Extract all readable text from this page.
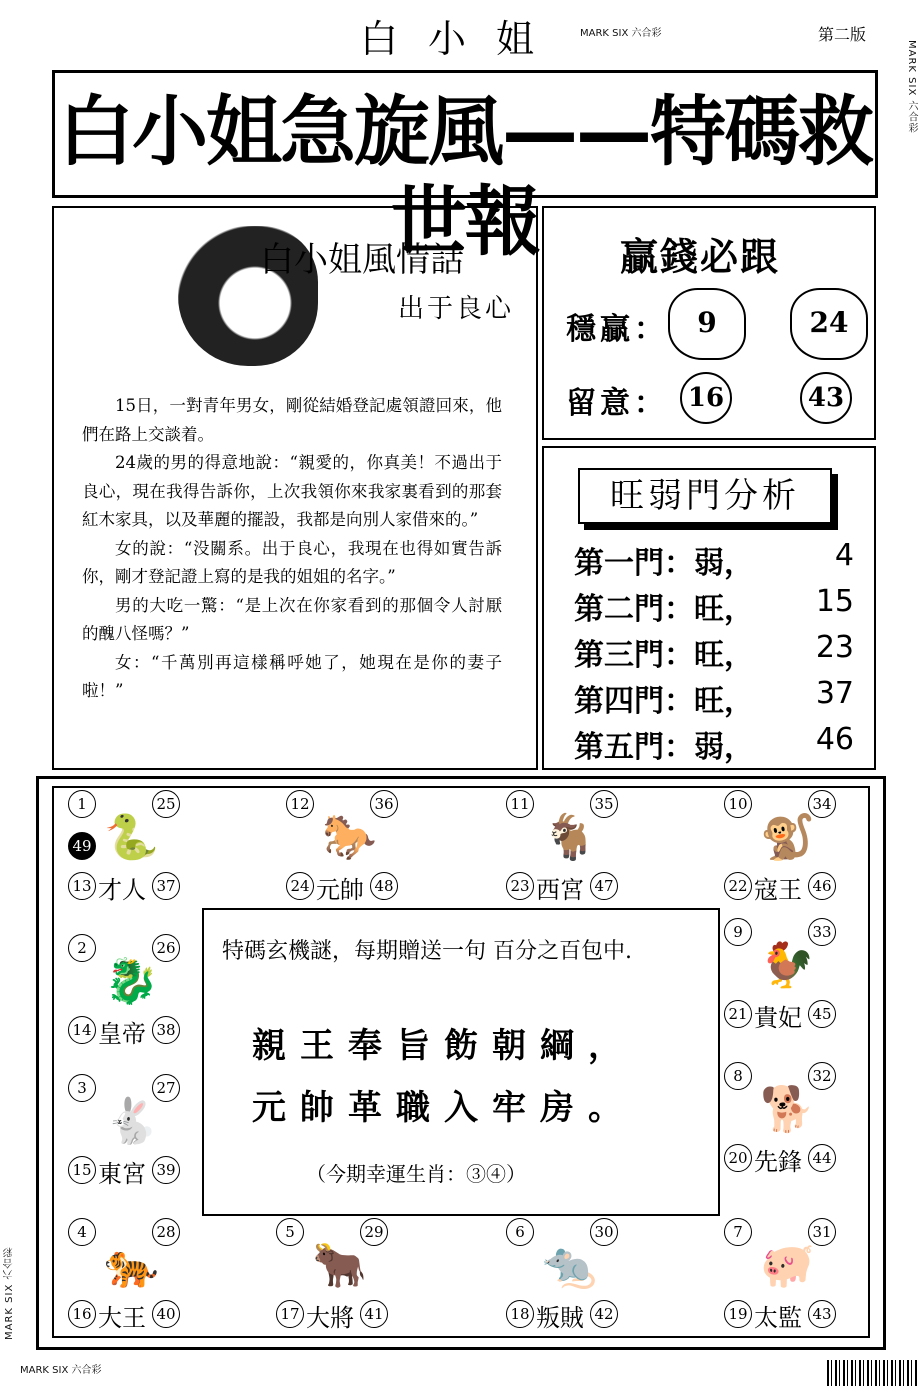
MARK SIX 六合彩
MARK SIX 六合彩
MARK SIX 六合彩
白小姐 MARK SIX 六合彩	第二版
白小姐急旋風——特碼救世報
白小姐風情話
出于良心

15日，一對青年男女，剛從結婚登記處領證回來，他們在路上交談着。

24歲的男的得意地說：“親愛的，你真美！不過出于良心，現在我得告訴你，上次我領你來我家裏看到的那套紅木家具，以及華麗的擺設，我都是向別人家借來的。”

女的說：“没關系。出于良心，我現在也得如實告訴你，剛才登記證上寫的是我的姐姐的名字。”

男的大吃一驚：“是上次在你家看到的那個令人討厭的醜八怪嗎？”

女：“千萬別再這樣稱呼她了，她現在是你的妻子啦！”

贏錢必跟
穩贏：	9	24
留意： 16	43
旺弱門分析
第一門：弱，	4
第二門：旺， 15
第三門：旺， 23
第四門：旺， 37
第五門：弱， 46
1	25
49 🐍
13 才人 37
12	36
🐎
24 元帥 48
11	35
🐐
23 西宮 47
10	34
🐒
22 寇王 46
2	26
🐉
14 皇帝 38
9	33
🐓
21 貴妃 45
3	27
🐇
15 東宮 39
8	32
🐕
20 先鋒 44
4	28
🐅
16 大王 40
5	29
🐂
17 大將 41
6	30
🐀
18 叛賊 42
7	31
🐖
19 太監 43
特碼玄機謎，每期贈送一句 百分之百包中.
親王奉旨飭朝綱，
元帥革職入牢房。
（今期幸運生肖：③④）
